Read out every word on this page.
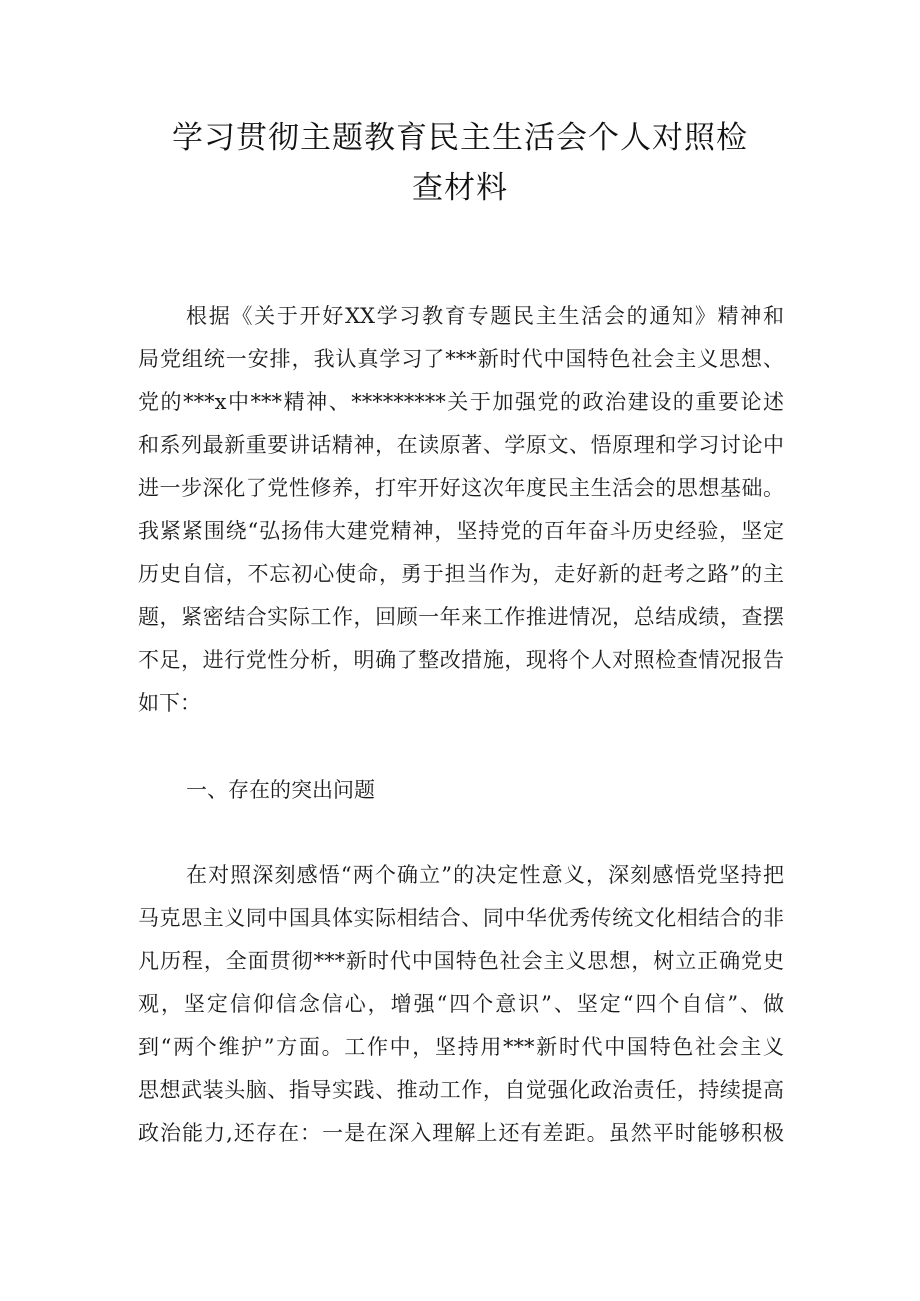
学习贯彻主题教育民主生活会个人对照检
查材料

根据《关于开好XX学习教育专题民主生活会的通知》精神和

局党组统一安排，我认真学习了***新时代中国特色社会主义思想、

党的***x中***精神、*********关于加强党的政治建设的重要论述

和系列最新重要讲话精神，在读原著、学原文、悟原理和学习讨论中

进一步深化了党性修养，打牢开好这次年度民主生活会的思想基础。

我紧紧围绕“弘扬伟大建党精神，坚持党的百年奋斗历史经验，坚定

历史自信，不忘初心使命，勇于担当作为，走好新的赶考之路”的主

题，紧密结合实际工作，回顾一年来工作推进情况，总结成绩，查摆

不足，进行党性分析，明确了整改措施，现将个人对照检查情况报告

如下：

一、存在的突出问题

在对照深刻感悟“两个确立”的决定性意义，深刻感悟党坚持把

马克思主义同中国具体实际相结合、同中华优秀传统文化相结合的非

凡历程，全面贯彻***新时代中国特色社会主义思想，树立正确党史

观，坚定信仰信念信心，增强“四个意识”、坚定“四个自信”、做

到“两个维护”方面。工作中，坚持用***新时代中国特色社会主义

思想武装头脑、指导实践、推动工作，自觉强化政治责任，持续提高

政治能力,还存在：一是在深入理解上还有差距。虽然平时能够积极
